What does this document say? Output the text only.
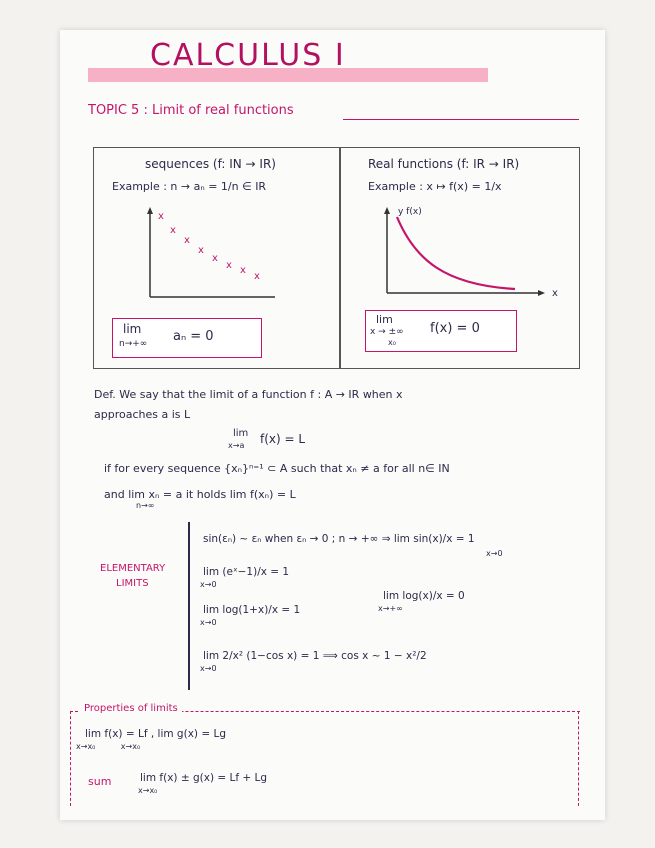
CALCULUS I
TOPIC 5 : Limit of real functions
sequences (f: IN → IR)
Example : n → aₙ = 1/n ∈ IR
x
x
x
x
x
x x
x
lim
n→+∞ aₙ = 0
Real functions (f: IR → IR)
Example : x ↦ f(x) = 1/x
y f(x)
x
lim
x → ±∞
x₀
f(x) = 0
Def. We say that the limit of a function f : A → IR when x
approaches a is L
lim
x→a f(x) = L
if for every sequence {xₙ}ⁿ⁼¹ ⊂ A such that xₙ ≠ a for all n∈ IN
and lim xₙ = a it holds lim f(xₙ) = L
n→∞
ELEMENTARY
LIMITS
sin(εₙ) ~ εₙ when εₙ → 0 ; n → +∞ ⇒ lim sin(x)/x = 1
x→0
lim (eˣ−1)/x = 1
x→0
lim log(x)/x = 0
x→+∞
lim log(1+x)/x = 1
x→0
lim 2/x² (1−cos x) = 1 ⟹ cos x ~ 1 − x²/2
x→0
Properties of limits
lim f(x) = Lf , lim g(x) = Lg
x→x₀          x→x₀
sum	lim f(x) ± g(x) = Lf + Lg
x→x₀
